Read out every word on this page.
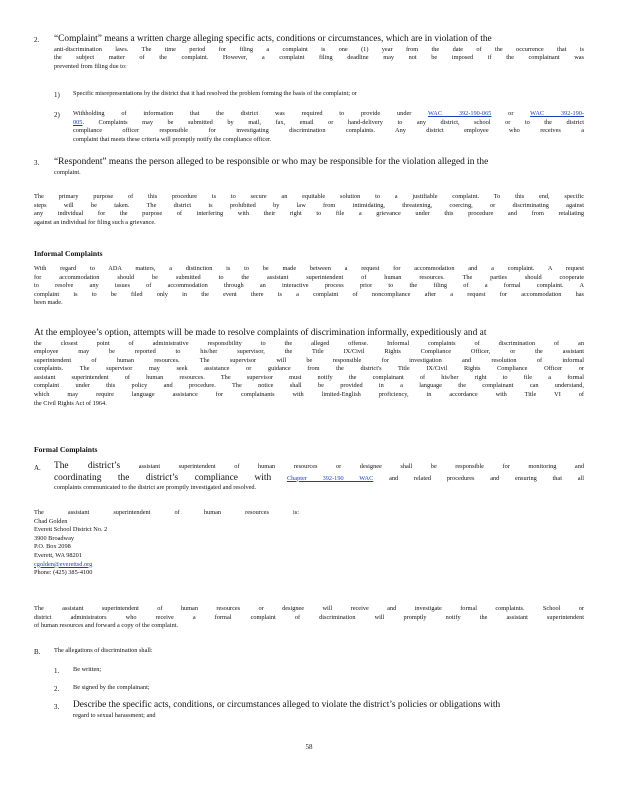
2. “Complaint” means a written charge alleging specific acts, conditions or circumstances, which are in violation of the
anti-discrimination laws. The time period for filing a complaint is one (1) year from the date of the occurrence that is
the subject matter of the complaint. However, a complaint filing deadline may not be imposed if the complainant was
prevented from filing due to:
1) Specific misrepresentations by the district that it had resolved the problem forming the basis of the complaint; or
2) Withholding of information that the district was required to provide under	WAC 392-190-065	or	WAC 392-190-
005. Complaints may be submitted by mail, fax, email or hand-delivery to any district, school or to the district
compliance officer responsible for investigating discrimination complaints. Any district employee who receives a
complaint that meets these criteria will promptly notify the compliance officer.
3. “Respondent” means the person alleged to be responsible or who may be responsible for the violation alleged in the
complaint.
The primary purpose of this procedure is to secure an equitable solution to a justifiable complaint. To this end, specific
steps will be taken. The district is prohibited by law from intimidating, threatening, coercing, or discriminating against
any individual for the purpose of interfering with their right to file a grievance under this procedure and from retaliating
against an individual for filing such a grievance.
Informal Complaints
With regard to ADA matters, a distinction is to be made between a request for accommodation and a complaint. A request
for accommodation should be submitted to the assistant superintendent of human resources. The parties should cooperate
to resolve any issues of accommodation through an interactive process prior to the filing of a formal complaint. A
complaint is to be filed only in the event there is a complaint of noncompliance after a request for accommodation has
been made.
At the employee’s option, attempts will be made to resolve complaints of discrimination informally, expeditiously and at
the closest point of administrative responsibility to the alleged offense. Informal complaints of discrimination of an
employee may be reported to his/her supervisor, the Title IX/Civil Rights Compliance Officer, or the assistant
superintendent of human resources. The supervisor will be responsible for investigation and resolution of informal
complaints. The supervisor may seek assistance or guidance from the district's Title IX/Civil Rights Compliance Officer or
assistant superintendent of human resources. The supervisor must notify the complainant of his/her right to file a formal
complaint under this policy and procedure. The notice shall be provided in a language the complainant can understand,
which may require language assistance for complainants with limited-English proficiency, in accordance with Title VI of
the Civil Rights Act of 1964.
Formal Complaints
A. The district’s	assistant superintendent of human resources or designee shall be responsible for monitoring and
coordinating the district’s compliance with	Chapter 392-190 WAC	and related procedures and ensuring that all
complaints communicated to the district are promptly investigated and resolved.
The assistant superintendent of human resources is:
Chad Golden
Everett School District No. 2
3900 Broadway
P.O. Box 2098
Everett, WA 98201
cgolden@everettsd.org
Phone: (425) 385-4100
The assistant superintendent of human resources or designee will receive and investigate formal complaints. School or
district administrators who receive a formal complaint of discrimination will promptly notify the assistant superintendent
of human resources and forward a copy of the complaint.
B. The allegations of discrimination shall:
1. Be written;
2. Be signed by the complainant;
3. Describe the specific acts, conditions, or circumstances alleged to violate the district’s policies or obligations with
regard to sexual harassment; and
58
